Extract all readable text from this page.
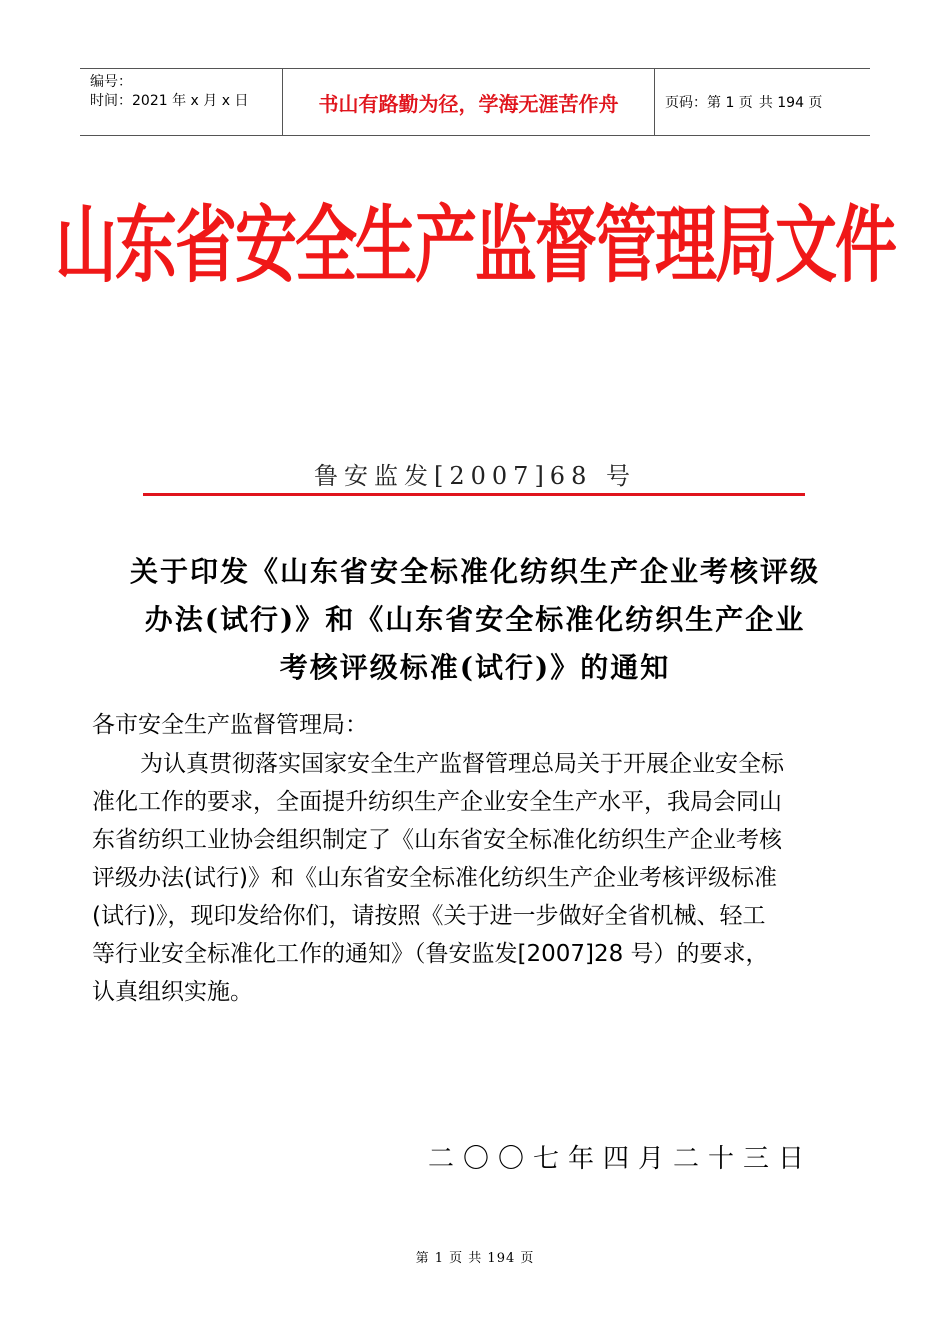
编号：
时间：2021 年 x 月 x 日	书山有路勤为径，学海无涯苦作舟	页码：第 1 页 共 194 页
山东省安全生产监督管理局文件
鲁安监发[2007]68 号
关于印发《山东省安全标准化纺织生产企业考核评级
办法(试行)》和《山东省安全标准化纺织生产企业
考核评级标准(试行)》的通知
各市安全生产监督管理局：
为认真贯彻落实国家安全生产监督管理总局关于开展企业安全标
准化工作的要求，全面提升纺织生产企业安全生产水平，我局会同山
东省纺织工业协会组织制定了《山东省安全标准化纺织生产企业考核
评级办法(试行)》和《山东省安全标准化纺织生产企业考核评级标准
(试行)》，现印发给你们，请按照《关于进一步做好全省机械、轻工
等行业安全标准化工作的通知》（鲁安监发[2007]28 号）的要求，
认真组织实施。
二〇〇七年四月二十三日
第 1 页 共 194 页
